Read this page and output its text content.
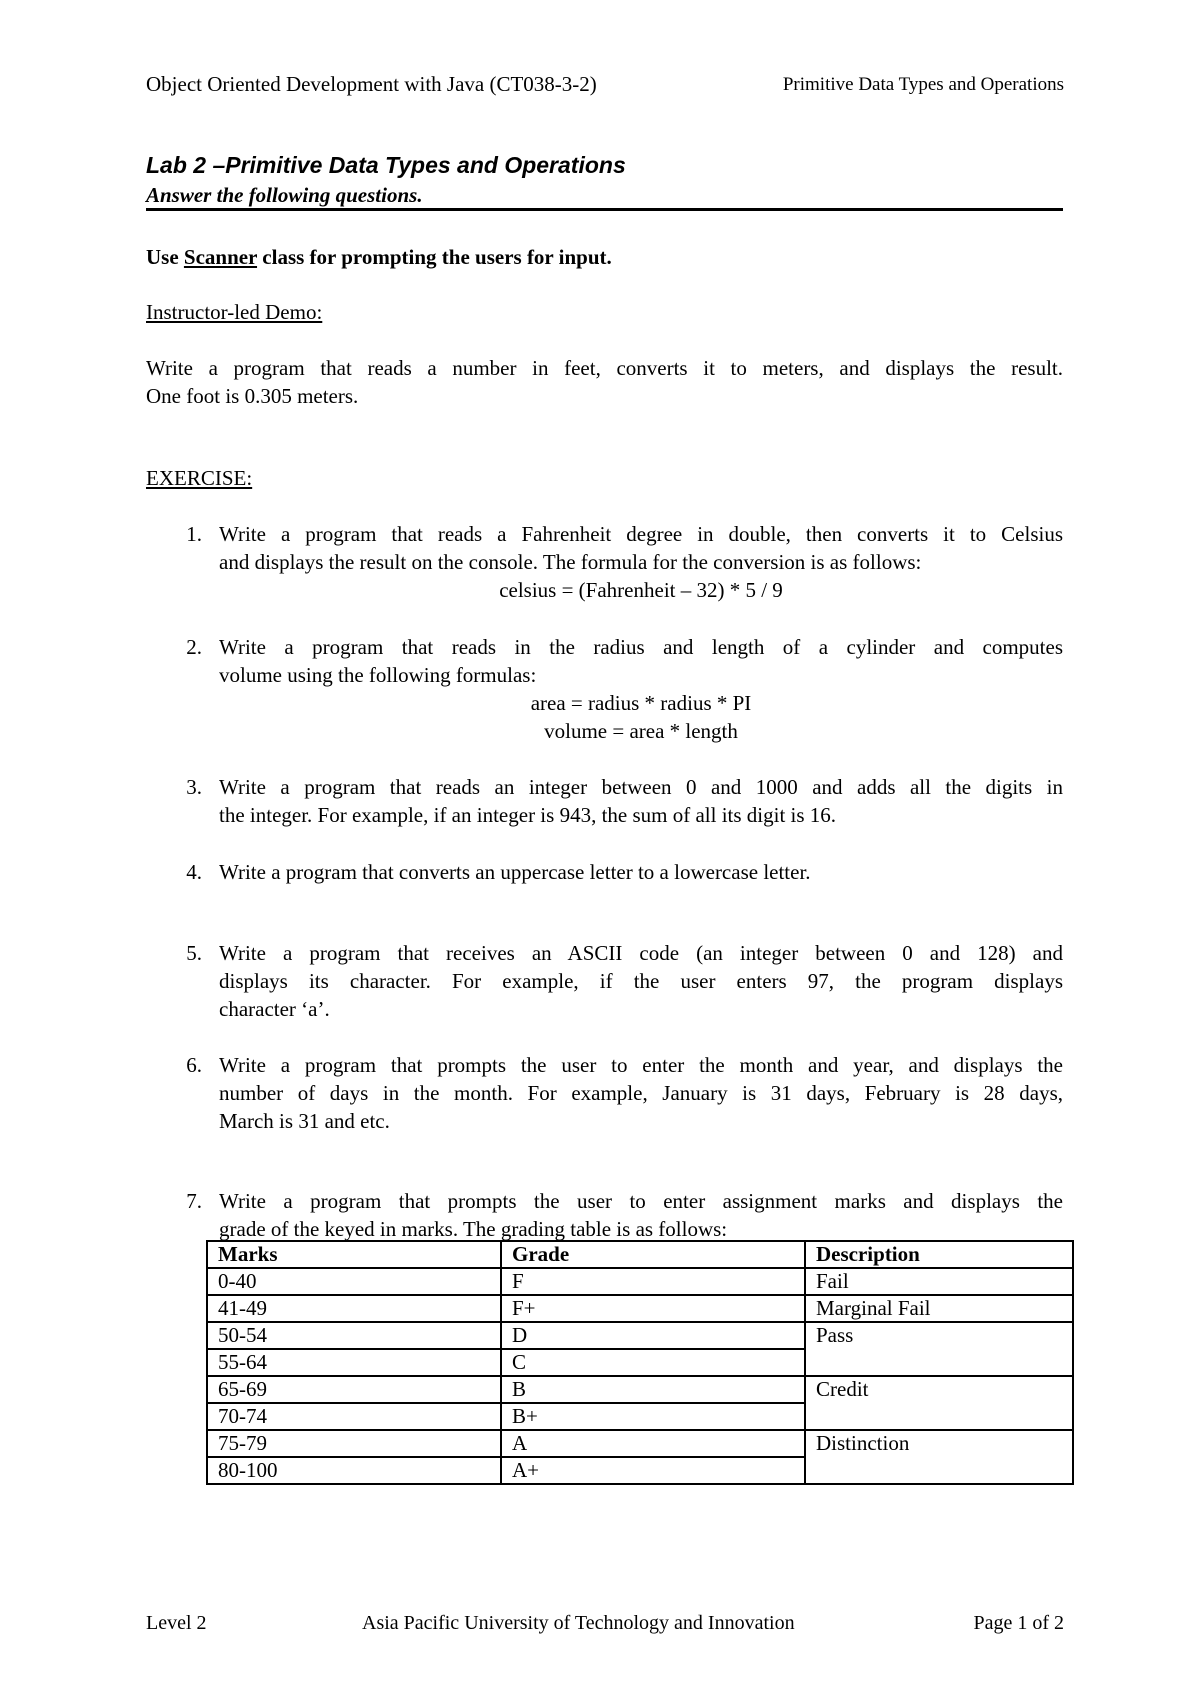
Object Oriented Development with Java (CT038-3-2)	Primitive Data Types and Operations
Lab 2 –Primitive Data Types and Operations
Answer the following questions.
Use Scanner class for prompting the users for input.
Instructor-led Demo:
Write a program that reads a number in feet, converts it to meters, and displays the result.
One foot is 0.305 meters.
EXERCISE:
1. Write a program that reads a Fahrenheit degree in double, then converts it to Celsius
and displays the result on the console. The formula for the conversion is as follows:
celsius = (Fahrenheit – 32) * 5 / 9
2. Write a program that reads in the radius and length of a cylinder and computes
volume using the following formulas:
area = radius * radius * PI
volume = area * length
3. Write a program that reads an integer between 0 and 1000 and adds all the digits in
the integer. For example, if an integer is 943, the sum of all its digit is 16.
4. Write a program that converts an uppercase letter to a lowercase letter.
5. Write a program that receives an ASCII code (an integer between 0 and 128) and
displays its character. For example, if the user enters 97, the program displays
character ‘a’.
6. Write a program that prompts the user to enter the month and year, and displays the
number of days in the month. For example, January is 31 days, February is 28 days,
March is 31 and etc.
7. Write a program that prompts the user to enter assignment marks and displays the
grade of the keyed in marks. The grading table is as follows:
Marks	Grade	Description
0-40	F	Fail
41-49	F+	Marginal Fail
50-54	D	Pass
55-64	C	
65-69	B	Credit
70-74	B+	
75-79	A	Distinction
80-100	A+	
Level 2	Asia Pacific University of Technology and Innovation	Page 1 of 2
